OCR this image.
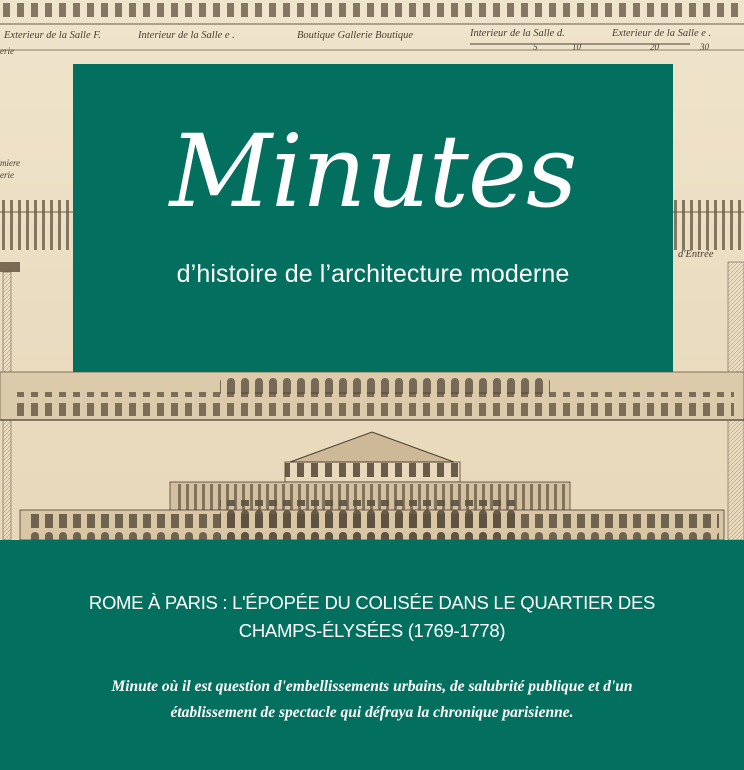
Exterieur de la Salle F.	Interieur de la Salle e .	Boutique Gallerie Boutique	Interieur de la Salle d.	Exterieur de la Salle e .
5	10	20	30
erie
miere
erie
d'Entrée
Minutes
d’histoire de l’architecture moderne
ROME À PARIS : L'ÉPOPÉE DU COLISÉE DANS LE QUARTIER DES CHAMPS-ÉLYSÉES (1769-1778)
Minute où il est question d'embellissements urbains, de salubrité publique et d'un établissement de spectacle qui défraya la chronique parisienne.
